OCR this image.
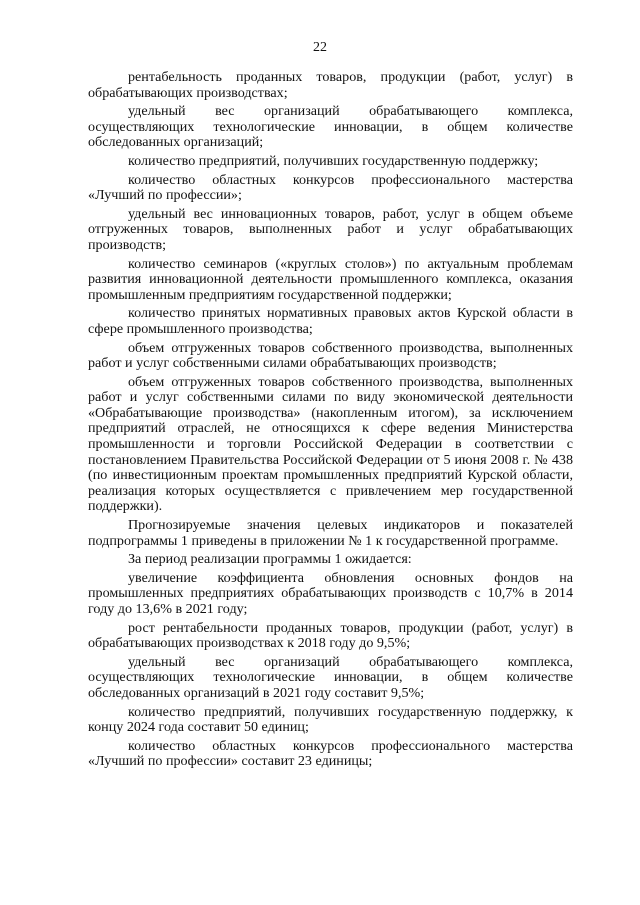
22

рентабельность проданных товаров, продукции (работ, услуг) в обрабатывающих производствах;

удельный вес организаций обрабатывающего комплекса, осуществляющих технологические инновации, в общем количестве обследованных организаций;

количество предприятий, получивших государственную поддержку;

количество областных конкурсов профессионального мастерства «Лучший по профессии»;

удельный вес инновационных товаров, работ, услуг в общем объеме отгруженных товаров, выполненных работ и услуг обрабатывающих производств;

количество семинаров («круглых столов») по актуальным проблемам развития инновационной деятельности промышленного комплекса, оказания промышленным предприятиям государственной поддержки;

количество принятых нормативных правовых актов Курской области в сфере промышленного производства;

объем отгруженных товаров собственного производства, выполненных работ и услуг собственными силами обрабатывающих производств;

объем отгруженных товаров собственного производства, выполненных работ и услуг собственными силами по виду экономической деятельности «Обрабатывающие производства» (накопленным итогом), за исключением предприятий отраслей, не относящихся к сфере ведения Министерства промышленности и торговли Российской Федерации в соответствии с постановлением Правительства Российской Федерации от 5 июня 2008 г. № 438 (по инвестиционным проектам промышленных предприятий Курской области, реализация которых осуществляется с привлечением мер государственной поддержки).

Прогнозируемые значения целевых индикаторов и показателей подпрограммы 1 приведены в приложении № 1 к государственной программе.

За период реализации программы 1 ожидается:

увеличение коэффициента обновления основных фондов на промышленных предприятиях обрабатывающих производств с 10,7% в 2014 году до 13,6% в 2021 году;

рост рентабельности проданных товаров, продукции (работ, услуг) в обрабатывающих производствах к 2018 году до 9,5%;

удельный вес организаций обрабатывающего комплекса, осуществляющих технологические инновации, в общем количестве обследованных организаций в 2021 году составит 9,5%;

количество предприятий, получивших государственную поддержку, к концу 2024 года составит 50 единиц;

количество областных конкурсов профессионального мастерства «Лучший по профессии» составит 23 единицы;
